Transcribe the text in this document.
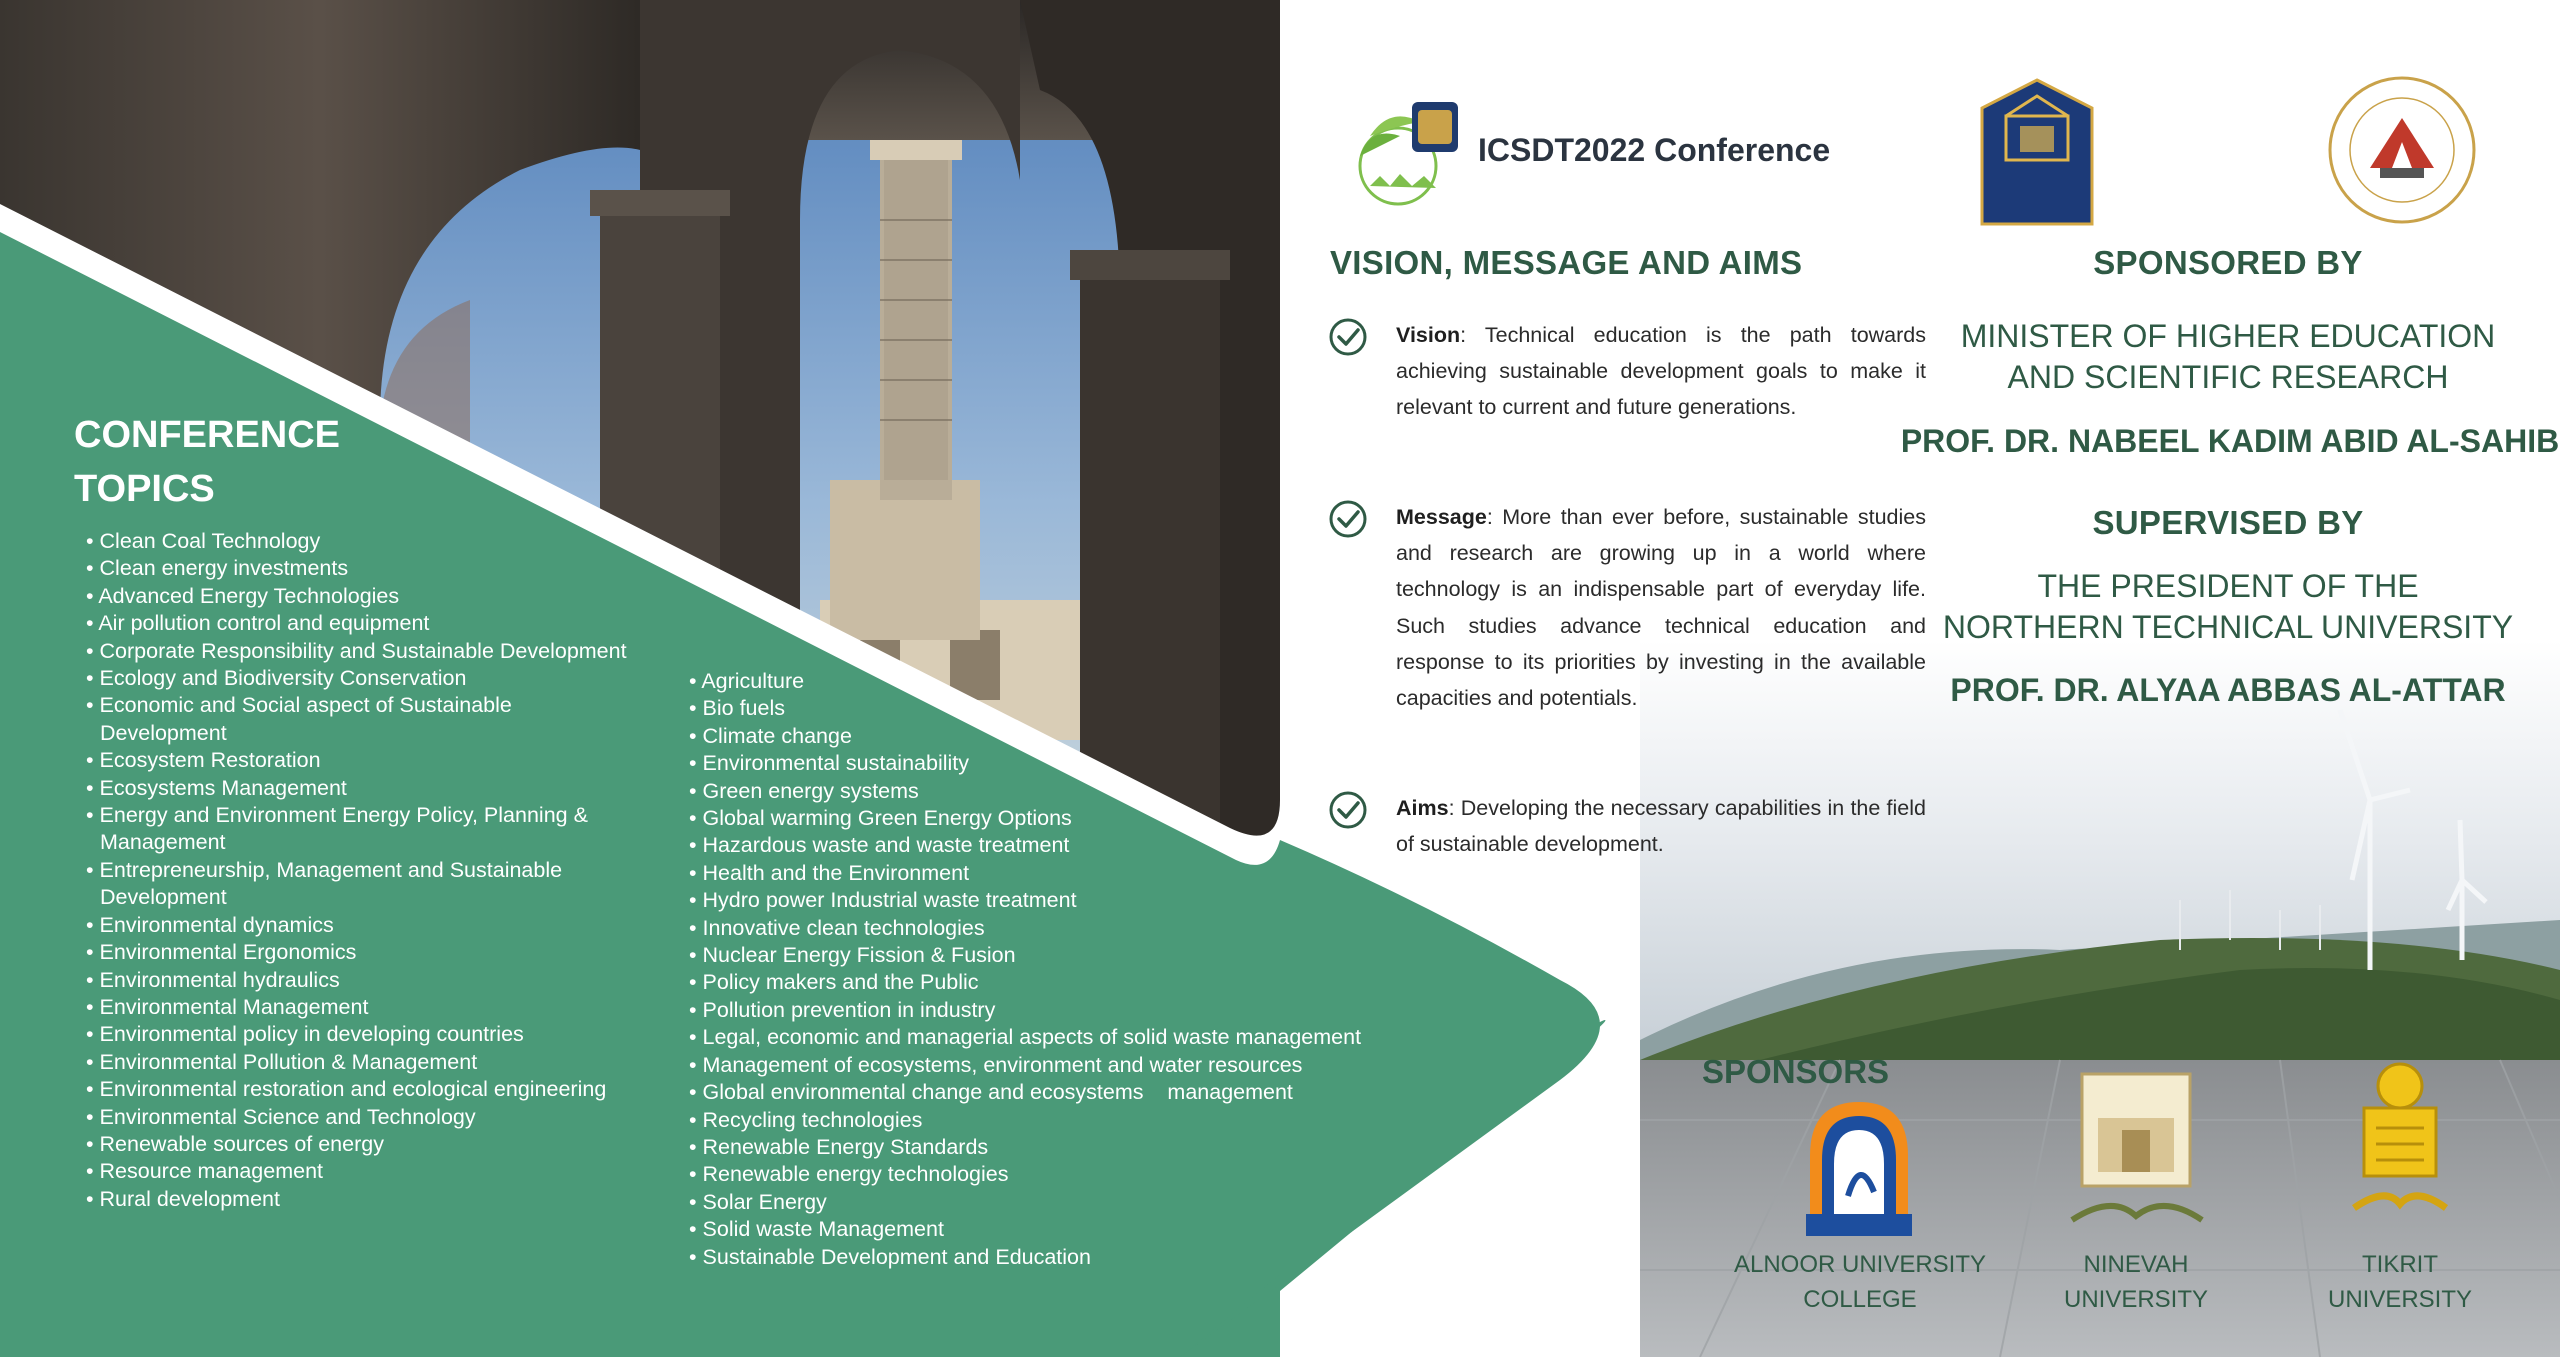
CONFERENCE
TOPICS
• Clean Coal Technology
• Clean energy investments
• Advanced Energy Technologies
• Air pollution control and equipment
• Corporate Responsibility and Sustainable Development
• Ecology and Biodiversity Conservation
• Economic and Social aspect of Sustainable Development
• Ecosystem Restoration
• Ecosystems Management
• Energy and Environment Energy Policy, Planning & Management
• Entrepreneurship, Management and Sustainable Development
• Environmental dynamics
• Environmental Ergonomics
• Environmental hydraulics
• Environmental Management
• Environmental policy in developing countries
• Environmental Pollution & Management
• Environmental restoration and ecological engineering
• Environmental Science and Technology
• Renewable sources of energy
• Resource management
• Rural development
• Agriculture
• Bio fuels
• Climate change
• Environmental sustainability
• Green energy systems
• Global warming Green Energy Options
• Hazardous waste and waste treatment
• Health and the Environment
• Hydro power Industrial waste treatment
• Innovative clean technologies
• Nuclear Energy Fission & Fusion
• Policy makers and the Public
• Pollution prevention in industry
• Legal, economic and managerial aspects of solid waste management
• Management of ecosystems, environment and water resources
• Global environmental change and ecosystems    management
• Recycling technologies
• Renewable Energy Standards
• Renewable energy technologies
• Solar Energy
• Solid waste Management
• Sustainable Development and Education
ICSDT2022 Conference
VISION, MESSAGE AND AIMS
Vision: Technical education is the path towards achieving sustainable development goals to make it relevant to current and future generations.
Message: More than ever before, sustainable studies and research are growing up in a world where technology is an indispensable part of everyday life. Such studies advance technical education and response to its priorities by investing in the available capacities and potentials.
Aims: Developing the necessary capabilities in the field of sustainable development.
SPONSORED BY
MINISTER OF HIGHER EDUCATION
AND SCIENTIFIC RESEARCH
PROF. DR. NABEEL KADIM ABID AL-SAHIB
SUPERVISED BY
THE PRESIDENT OF THE
NORTHERN TECHNICAL UNIVERSITY
PROF. DR. ALYAA ABBAS AL-ATTAR
SPONSORS
ALNOOR UNIVERSITY
COLLEGE
NINEVAH
UNIVERSITY
TIKRIT
UNIVERSITY
